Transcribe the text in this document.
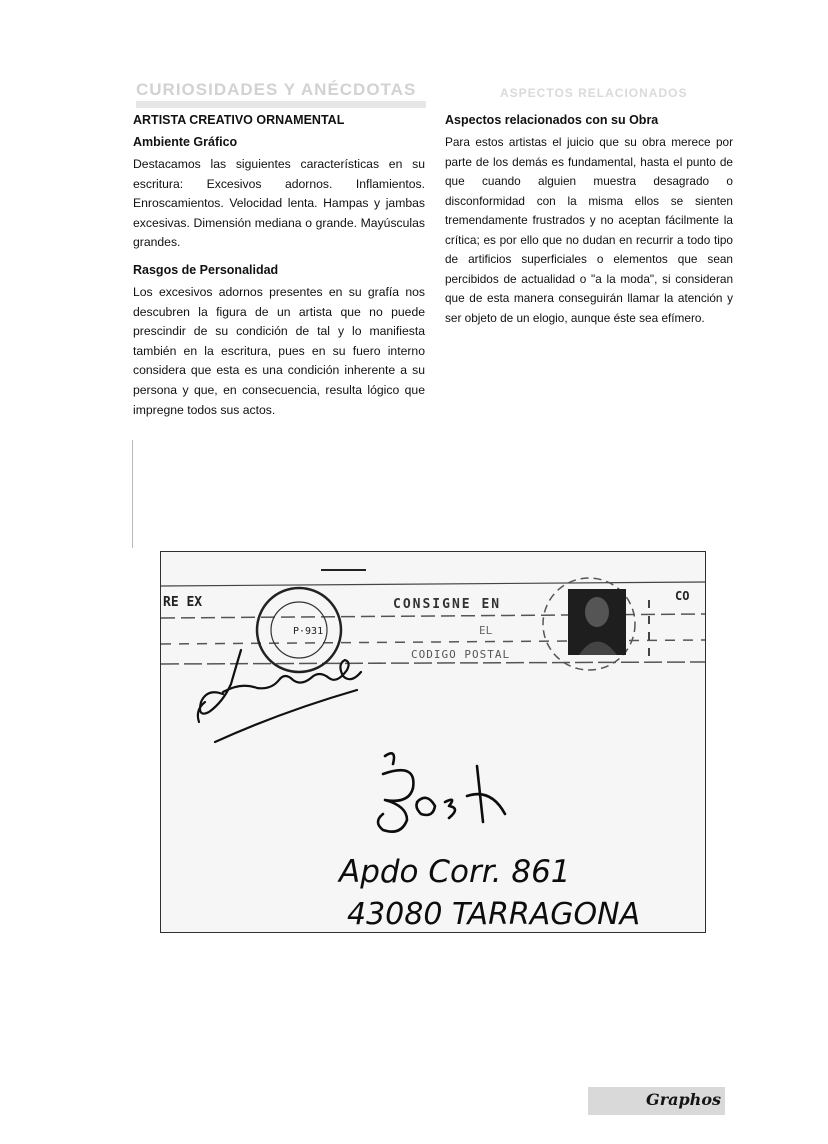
CURIOSIDADES Y ANÉCDOTAS	ASPECTOS RELACIONADOS
ARTISTA CREATIVO ORNAMENTAL
Ambiente Gráfico

Destacamos las siguientes características en su escritura: Excesivos adornos. Inflamientos. Enroscamientos. Velocidad lenta. Hampas y jambas excesivas. Dimensión mediana o grande. Mayúsculas grandes.

Rasgos de Personalidad

Los excesivos adornos presentes en su grafía nos descubren la figura de un artista que no puede prescindir de su condición de tal y lo manifiesta también en la escritura, pues en su fuero interno considera que esta es una condición inherente a su persona y que, en consecuencia, resulta lógico que impregne todos sus actos.

Aspectos relacionados con su Obra

Para estos artistas el juicio que su obra merece por parte de los demás es fundamental, hasta el punto de que cuando alguien muestra desagrado o disconformidad con la misma ellos se sienten tremendamente frustrados y no aceptan fácilmente la crítica; es por ello que no dudan en recurrir a todo tipo de artificios superficiales o elementos que sean percibidos de actualidad o "a la moda", si consideran que de esta manera conseguirán llamar la atención y ser objeto de un elogio, aunque éste sea efímero.

RE EX
P·931
CONSIGNE EN
EL
CODIGO POSTAL
CO
Apdo Corr. 861
43080 TARRAGONA
Graphos
